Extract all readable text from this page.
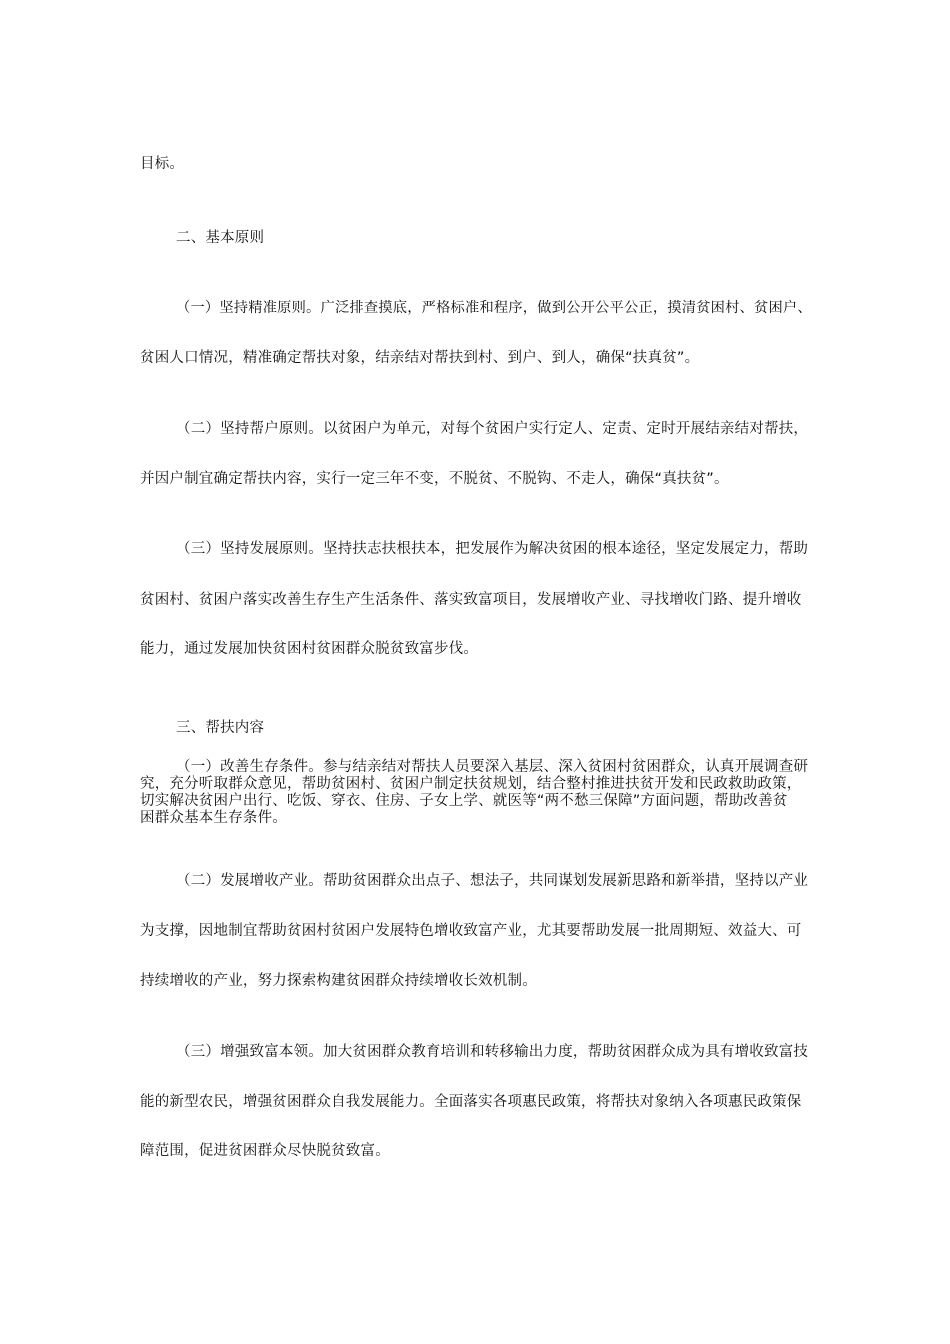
目标。
二、基本原则
（一）坚持精准原则。广泛排查摸底，严格标准和程序，做到公开公平公正，摸清贫困村、贫困户、
贫困人口情况，精准确定帮扶对象，结亲结对帮扶到村、到户、到人，确保“扶真贫”。
（二）坚持帮户原则。以贫困户为单元，对每个贫困户实行定人、定责、定时开展结亲结对帮扶，
并因户制宜确定帮扶内容，实行一定三年不变，不脱贫、不脱钩、不走人，确保“真扶贫”。
（三）坚持发展原则。坚持扶志扶根扶本，把发展作为解决贫困的根本途径，坚定发展定力，帮助
贫困村、贫困户落实改善生存生产生活条件、落实致富项目，发展增收产业、寻找增收门路、提升增收
能力，通过发展加快贫困村贫困群众脱贫致富步伐。
三、帮扶内容
（一）改善生存条件。参与结亲结对帮扶人员要深入基层、深入贫困村贫困群众，认真开展调查研
究，充分听取群众意见，帮助贫困村、贫困户制定扶贫规划，结合整村推进扶贫开发和民政救助政策，
切实解决贫困户出行、吃饭、穿衣、住房、子女上学、就医等“两不愁三保障”方面问题，帮助改善贫
困群众基本生存条件。
（二）发展增收产业。帮助贫困群众出点子、想法子，共同谋划发展新思路和新举措，坚持以产业
为支撑，因地制宜帮助贫困村贫困户发展特色增收致富产业，尤其要帮助发展一批周期短、效益大、可
持续增收的产业，努力探索构建贫困群众持续增收长效机制。
（三）增强致富本领。加大贫困群众教育培训和转移输出力度，帮助贫困群众成为具有增收致富技
能的新型农民，增强贫困群众自我发展能力。全面落实各项惠民政策，将帮扶对象纳入各项惠民政策保
障范围，促进贫困群众尽快脱贫致富。
